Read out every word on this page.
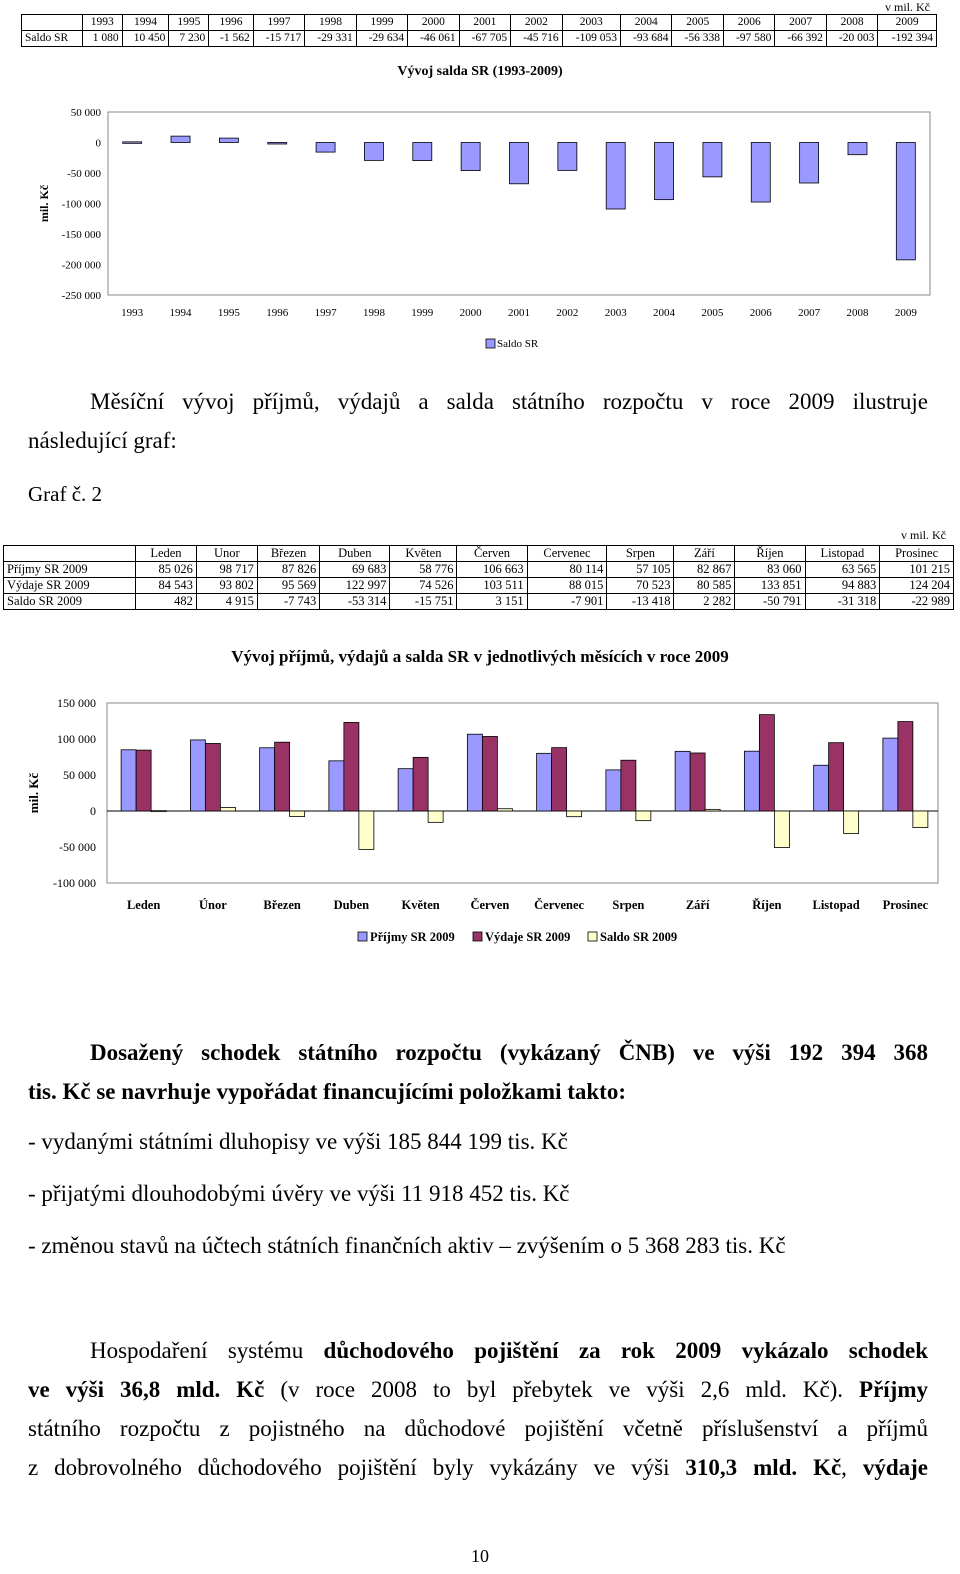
v mil. Kč
	1993	1994	1995	1996	1997	1998	1999	2000	2001	2002	2003	2004	2005	2006	2007	2008	2009
Saldo SR	1 080	10 450	7 230	-1 562	-15 717	-29 331	-29 634	-46 061	-67 705	-45 716	-109 053	-93 684	-56 338	-97 580	-66 392	-20 003	-192 394
Vývoj salda SR (1993-2009)
50 000
0
-50 000
-100 000
-150 000
-200 000
-250 000
mil. Kč
1993 1994 1995 1996 1997 1998 1999 2000 2001 2002 2003 2004 2005 2006 2007 2008 2009
Saldo SR

Měsíční vývoj příjmů, výdajů a salda státního rozpočtu v roce 2009 ilustruje

následující graf:

Graf č. 2
v mil. Kč
	Leden	Unor	Březen	Duben	Květen	Červen	Cervenec	Srpen	Září	Říjen	Listopad	Prosinec
Příjmy SR 2009	85 026	98 717	87 826	69 683	58 776	106 663	80 114	57 105	82 867	83 060	63 565	101 215
Výdaje SR 2009	84 543	93 802	95 569	122 997	74 526	103 511	88 015	70 523	80 585	133 851	94 883	124 204
Saldo SR 2009	482	4 915	-7 743	-53 314	-15 751	3 151	-7 901	-13 418	2 282	-50 791	-31 318	-22 989
Vývoj příjmů, výdajů a salda SR v jednotlivých měsících v roce 2009
150 000
100 000
50 000
0
-50 000
-100 000
mil. Kč
Leden	Únor	Březen	Duben	Květen Červen Červenec Srpen	Září	Říjen Listopad Prosinec
Příjmy SR 2009 Výdaje SR 2009 Saldo SR 2009

Dosažený schodek státního rozpočtu (vykázaný ČNB) ve výši 192 394 368

tis. Kč se navrhuje vypořádat financujícími položkami takto:

- vydanými státními dluhopisy ve výši 185 844 199 tis. Kč

- přijatými dlouhodobými úvěry ve výši 11 918 452 tis. Kč

- změnou stavů na účtech státních finančních aktiv – zvýšením o 5 368 283 tis. Kč

Hospodaření systému důchodového pojištění za rok 2009 vykázalo schodek

ve výši 36,8 mld. Kč (v roce 2008 to byl přebytek ve výši 2,6 mld. Kč). Příjmy

státního rozpočtu z pojistného na důchodové pojištění včetně příslušenství a příjmů

z dobrovolného důchodového pojištění byly vykázány ve výši 310,3 mld. Kč, výdaje

10
